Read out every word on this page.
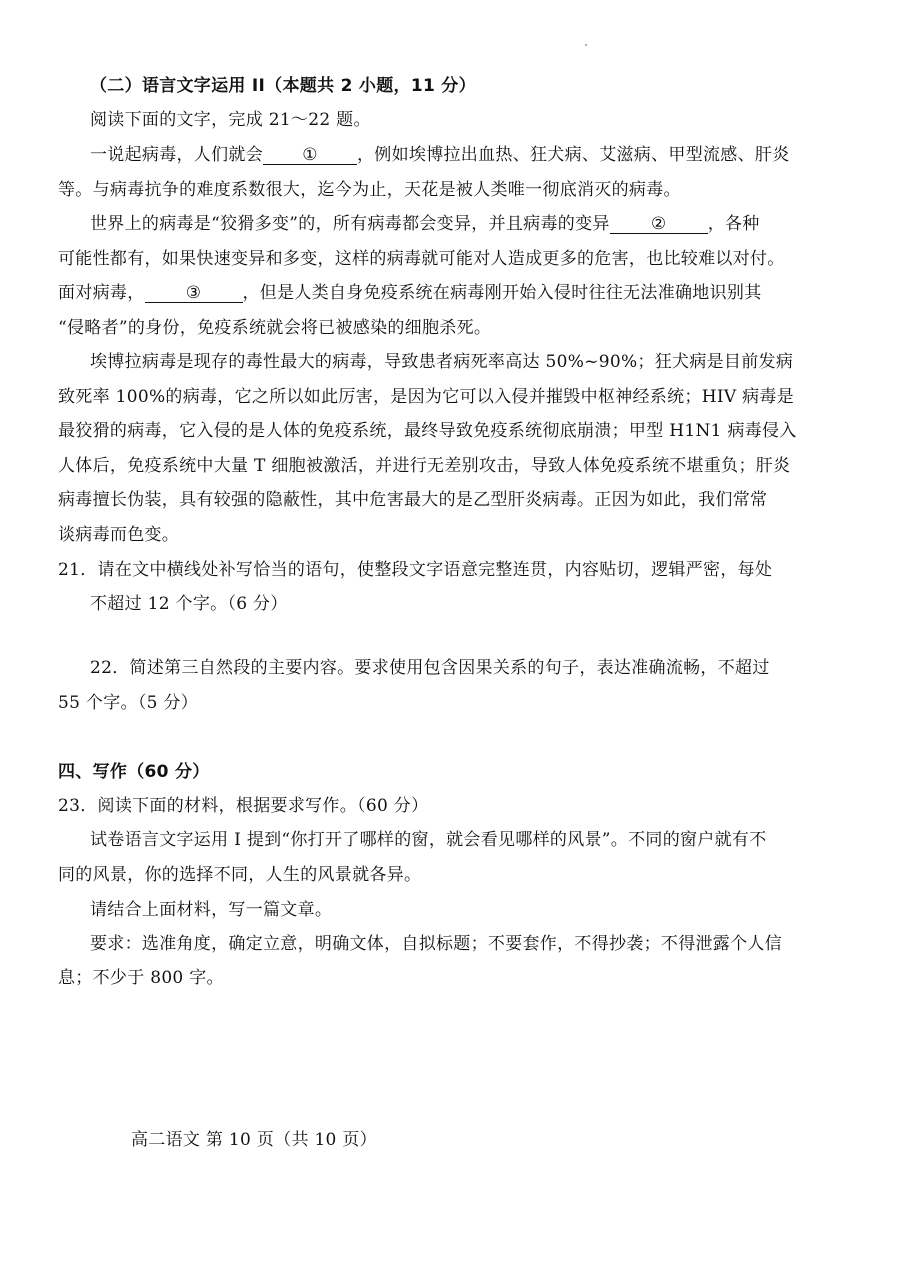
（二）语言文字运用 II（本题共 2 小题，11 分）
阅读下面的文字，完成 21～22 题。
一说起病毒，人们就会 ① ，例如埃博拉出血热、狂犬病、艾滋病、甲型流感、肝炎
等。与病毒抗争的难度系数很大，迄今为止，天花是被人类唯一彻底消灭的病毒。
世界上的病毒是“狡猾多变”的，所有病毒都会变异，并且病毒的变异 ② ，各种
可能性都有，如果快速变异和多变，这样的病毒就可能对人造成更多的危害，也比较难以对付。
面对病毒， ③ ，但是人类自身免疫系统在病毒刚开始入侵时往往无法准确地识别其
“侵略者”的身份，免疫系统就会将已被感染的细胞杀死。
埃博拉病毒是现存的毒性最大的病毒，导致患者病死率高达 50%~90%；狂犬病是目前发病
致死率 100%的病毒，它之所以如此厉害，是因为它可以入侵并摧毁中枢神经系统；HIV 病毒是
最狡猾的病毒，它入侵的是人体的免疫系统，最终导致免疫系统彻底崩溃；甲型 H1N1 病毒侵入
人体后，免疫系统中大量 T 细胞被激活，并进行无差别攻击，导致人体免疫系统不堪重负；肝炎
病毒擅长伪装，具有较强的隐蔽性，其中危害最大的是乙型肝炎病毒。正因为如此，我们常常
谈病毒而色变。
21．请在文中横线处补写恰当的语句，使整段文字语意完整连贯，内容贴切，逻辑严密，每处
不超过 12 个字。（6 分）
22．简述第三自然段的主要内容。要求使用包含因果关系的句子，表达准确流畅，不超过
55 个字。（5 分）
四、写作（60 分）
23．阅读下面的材料，根据要求写作。（60 分）
试卷语言文字运用 I 提到“你打开了哪样的窗，就会看见哪样的风景”。不同的窗户就有不
同的风景，你的选择不同，人生的风景就各异。
请结合上面材料，写一篇文章。
要求：选准角度，确定立意，明确文体，自拟标题；不要套作，不得抄袭；不得泄露个人信
息；不少于 800 字。
高二语文 第 10 页（共 10 页）
